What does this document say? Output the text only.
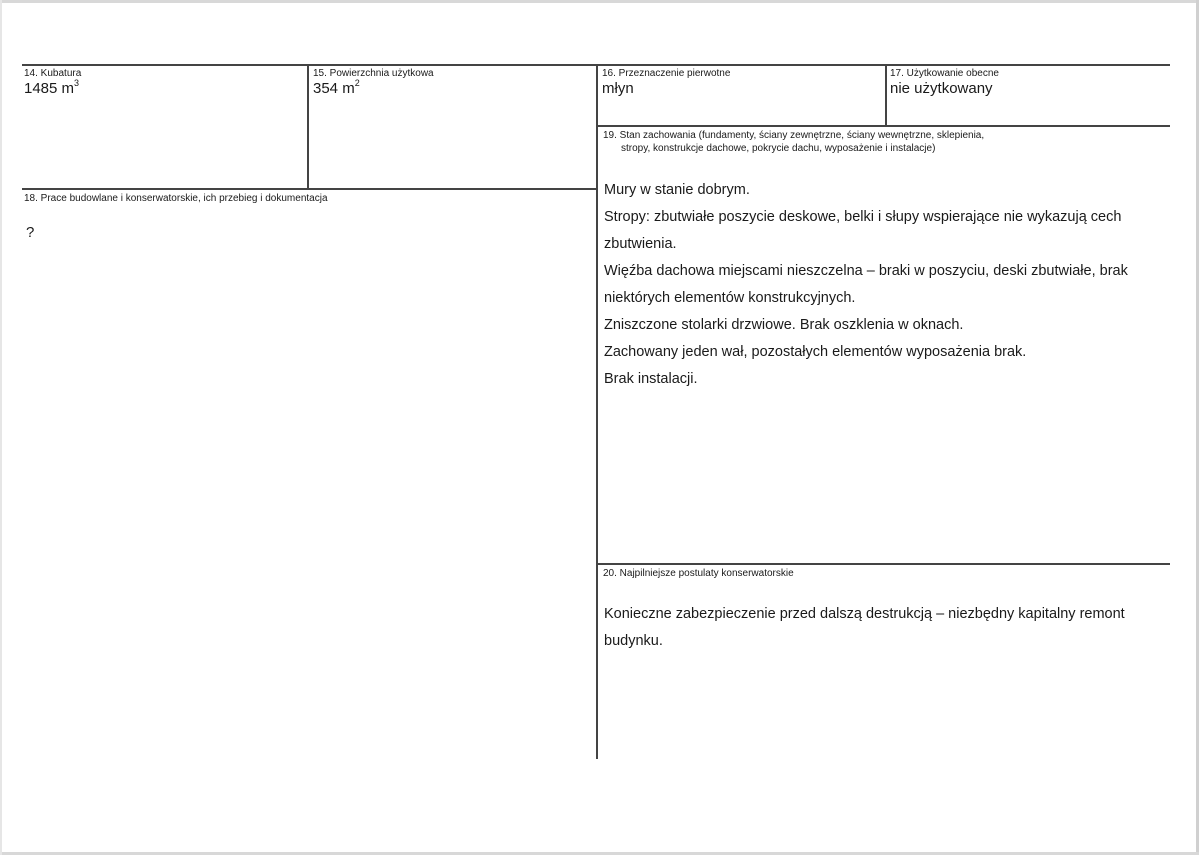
14. Kubatura
1485 $m^3$
15. Powierzchnia użytkowa
354 $m^2$
16. Przeznaczenie pierwotne
młyn
17. Użytkowanie obecne
nie użytkowany
18. Prace budowlane i konserwatorskie, ich przebieg i dokumentacja
?
19. Stan zachowania (fundamenty, ściany zewnętrzne, ściany wewnętrzne, sklepienia,
stropy, konstrukcje dachowe, pokrycie dachu, wyposażenie i instalacje)

Mury w stanie dobrym.

Stropy: zbutwiałe poszycie deskowe, belki i słupy wspierające nie wykazują cech

zbutwienia.

Więźba dachowa miejscami nieszczelna – braki w poszyciu, deski zbutwiałe, brak

niektórych elementów konstrukcyjnych.

Zniszczone stolarki drzwiowe. Brak oszklenia w oknach.

Zachowany jeden wał, pozostałych elementów wyposażenia brak.

Brak instalacji.

20. Najpilniejsze postulaty konserwatorskie

Konieczne zabezpieczenie przed dalszą destrukcją – niezbędny kapitalny remont

budynku.
